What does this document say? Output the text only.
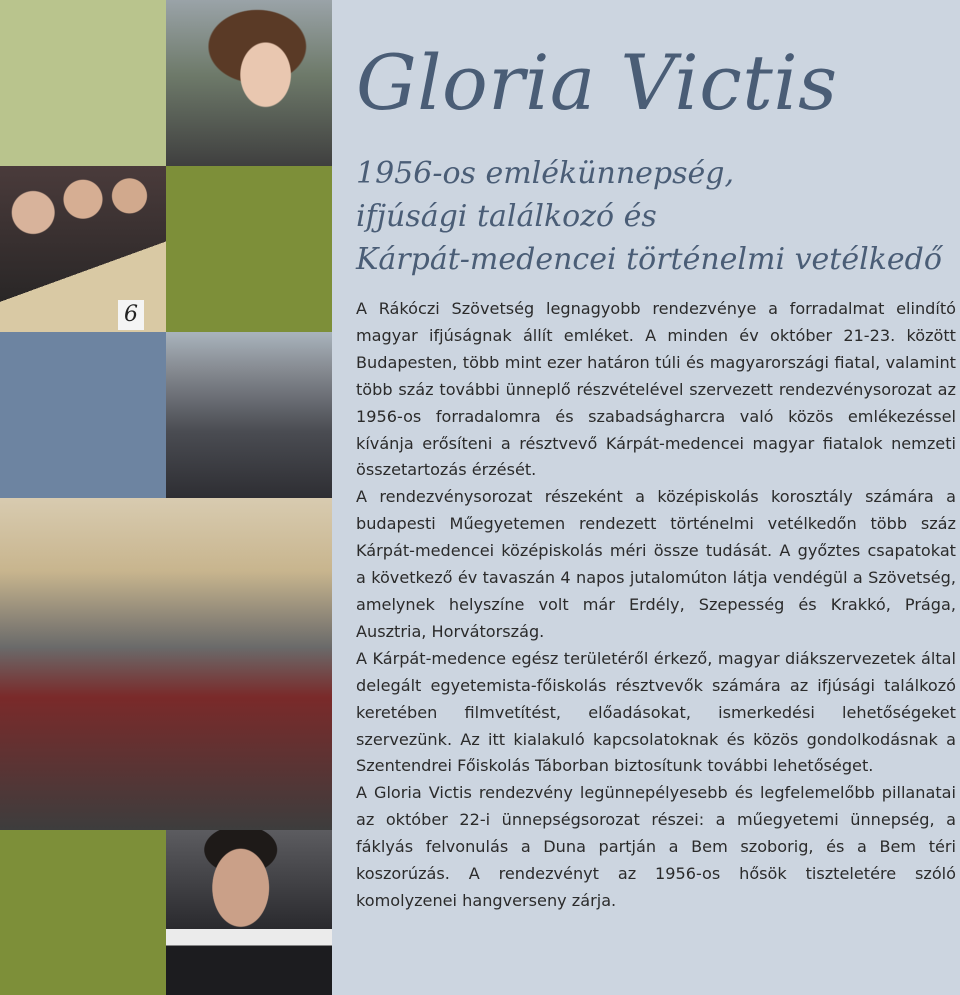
6
Gloria Victis
1956-os emlékünnepség,
ifjúsági találkozó és
Kárpát-medencei történelmi vetélkedő

A Rákóczi Szövetség legnagyobb rendezvénye a forradalmat elindító magyar ifjúságnak állít emléket. A minden év október 21-23. között Budapesten, több mint ezer határon túli és magyarországi fiatal, valamint több száz további ünneplő részvételével szervezett rendezvénysorozat az 1956-os forradalomra és szabadságharcra való közös emlékezéssel kívánja erősíteni a résztvevő Kárpát-medencei magyar fiatalok nemzeti összetartozás érzését.

A rendezvénysorozat részeként a középiskolás korosztály számára a budapesti Műegyetemen rendezett történelmi vetélkedőn több száz Kárpát-medencei középiskolás méri össze tudását. A győztes csapatokat a következő év tavaszán 4 napos jutalomúton látja vendégül a Szövetség, amelynek helyszíne volt már Erdély, Szepesség és Krakkó, Prága, Ausztria, Horvátország.

A Kárpát-medence egész területéről érkező, magyar diákszervezetek által delegált egyetemista-főiskolás résztvevők számára az ifjúsági találkozó keretében filmvetítést, előadásokat, ismerkedési lehetőségeket szervezünk. Az itt kialakuló kapcsolatoknak és közös gondolkodásnak a Szentendrei Főiskolás Táborban biztosítunk további lehetőséget.

A Gloria Victis rendezvény legünnepélyesebb és legfelemelőbb pillanatai az október 22-i ünnepségsorozat részei: a műegyetemi ünnepség, a fáklyás felvonulás a Duna partján a Bem szoborig, és a Bem téri koszorúzás. A rendezvényt az 1956-os hősök tiszteletére szóló komolyzenei hangverseny zárja.
